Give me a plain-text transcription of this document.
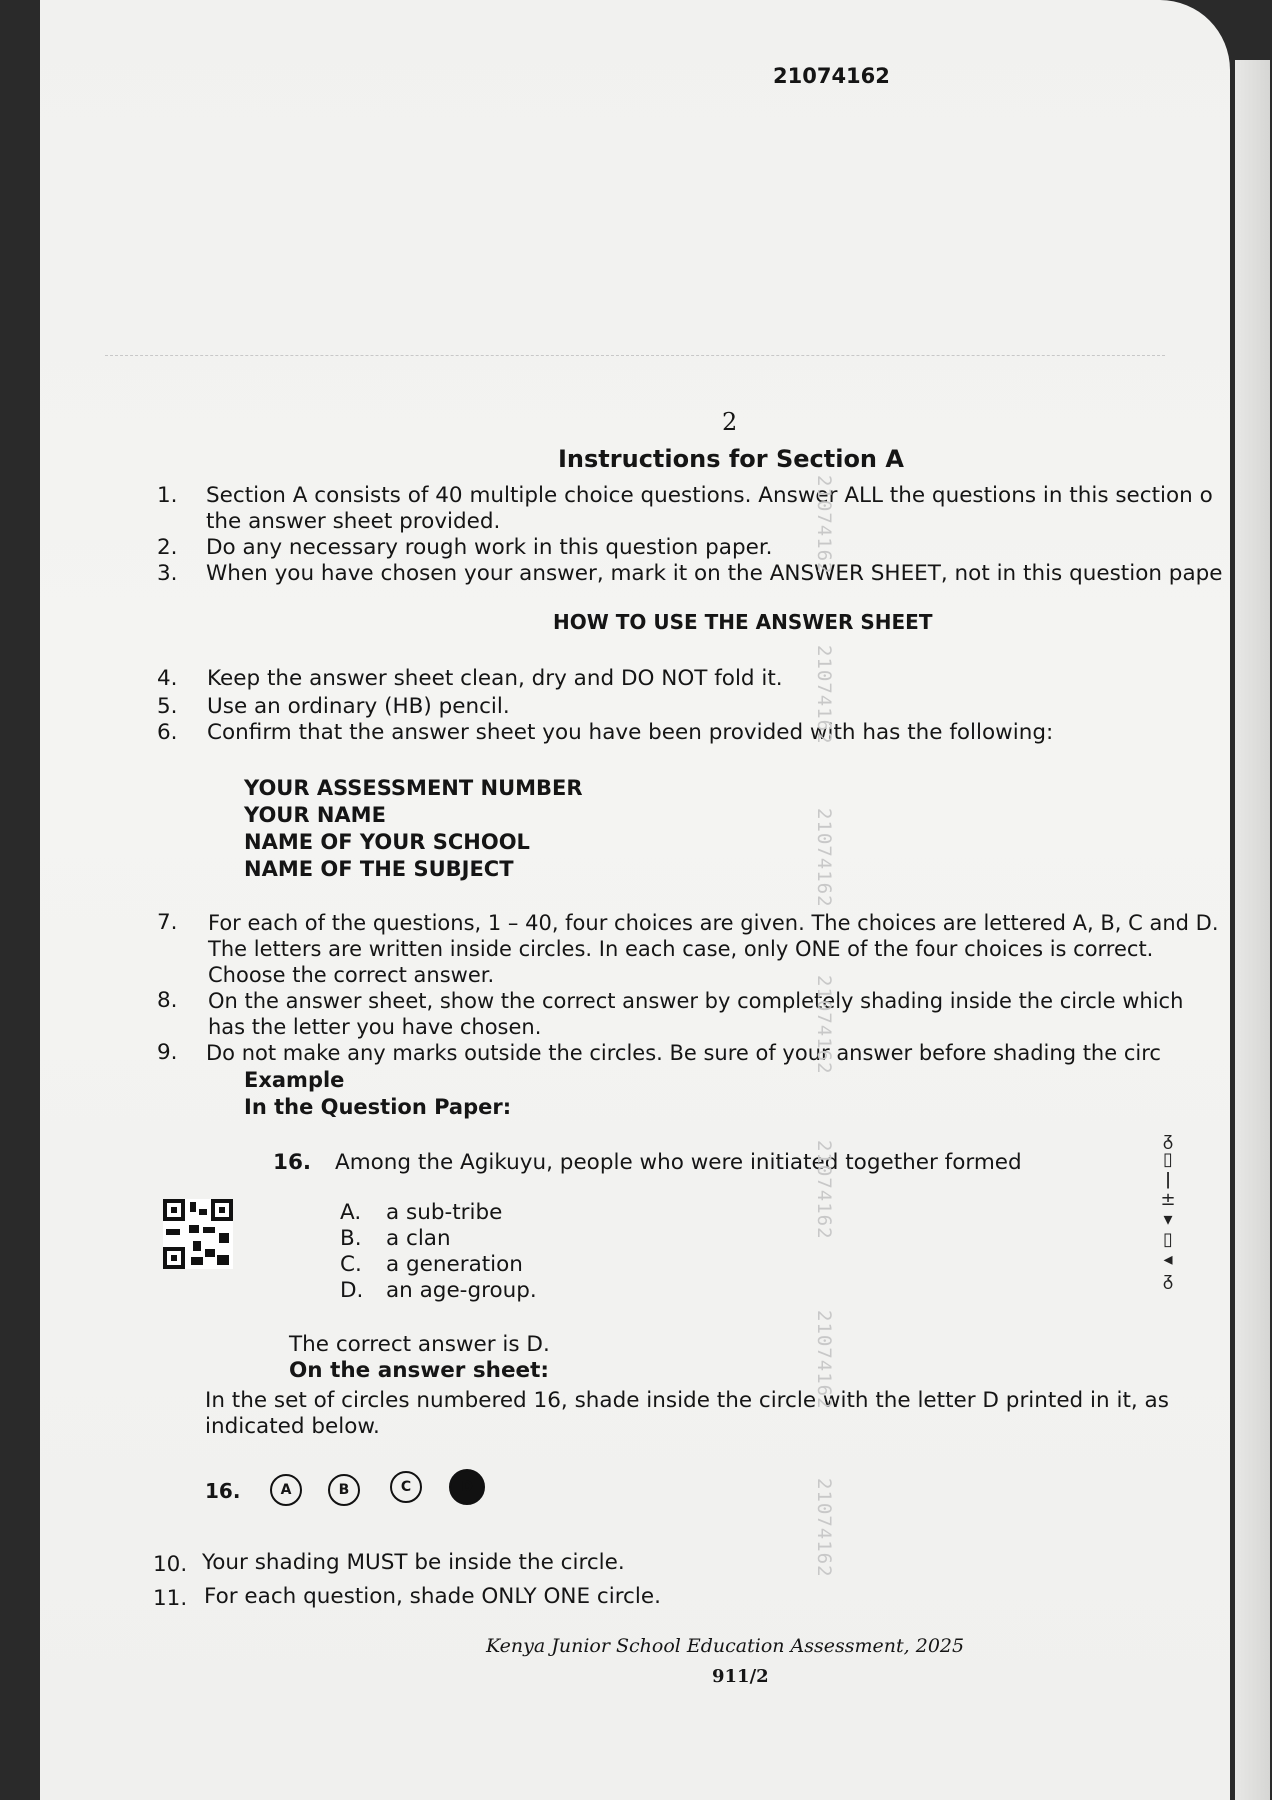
21074162
2
Instructions for Section A
1. Section A consists of 40 multiple choice questions. Answer ALL the questions in this section o
the answer sheet provided.
2. Do any necessary rough work in this question paper.
3. When you have chosen your answer, mark it on the ANSWER SHEET, not in this question pape
HOW TO USE THE ANSWER SHEET
4. Keep the answer sheet clean, dry and DO NOT fold it.
5. Use an ordinary (HB) pencil.
6. Confirm that the answer sheet you have been provided with has the following:
YOUR ASSESSMENT NUMBER
YOUR NAME
NAME OF YOUR SCHOOL
NAME OF THE SUBJECT
7. For each of the questions, 1 – 40, four choices are given. The choices are lettered A, B, C and D.
The letters are written inside circles. In each case, only ONE of the four choices is correct.
Choose the correct answer.
8. On the answer sheet, show the correct answer by completely shading inside the circle which
has the letter you have chosen.
9. Do not make any marks outside the circles. Be sure of your answer before shading the circ
Example
In the Question Paper:
16. Among the Agikuyu, people who were initiated together formed
A. a sub-tribe
B. a clan
C. a generation
D. an age-group.
The correct answer is D.
On the answer sheet:
In the set of circles numbered 16, shade inside the circle with the letter D printed in it, as
indicated below.
16.	A	B	C	D
10. Your shading MUST be inside the circle.
11. For each question, shade ONLY ONE circle.
21074162
21074162
21074162
21074162
21074162
21074162
21074162
ᵹ
▯
ǀ
±
▾
▯
◂
ᵹ
Kenya Junior School Education Assessment, 2025
911/2
